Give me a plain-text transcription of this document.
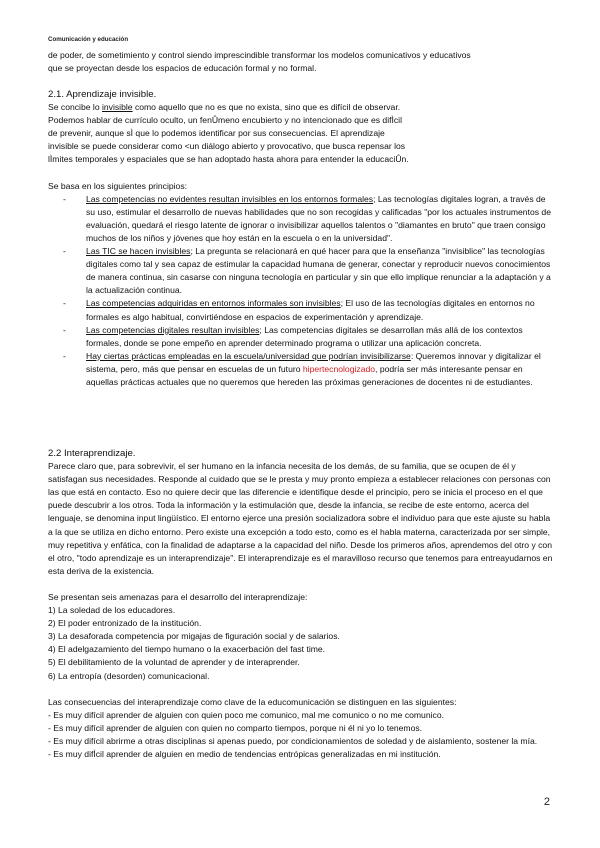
Comunicación y educación

de poder, de sometimiento y control siendo imprescindible transformar los modelos comunicativos y educativos

que se proyectan desde los espacios de educación formal y no formal.

2.1. Aprendizaje invisible.

Se concibe lo invisible como aquello que no es que no exista, sino que es difícil de observar.

Podemos hablar de currículo oculto, un fenÛmeno encubierto y no intencionado que es difÌcil

de prevenir, aunque sÌ que lo podemos identificar por sus consecuencias. El aprendizaje

invisible se puede considerar como <un diálogo abierto y provocativo, que busca repensar los

lÌmites temporales y espaciales que se han adoptado hasta ahora para entender la educaciÛn.

Se basa en los siguientes principios:

- Las competencias no evidentes resultan invisibles en los entornos formales; Las tecnologías digitales logran, a través de su uso, estimular el desarrollo de nuevas habilidades que no son recogidas y calificadas "por los actuales instrumentos de evaluación, quedará el riesgo latente de ignorar o invisibilizar aquellos talentos o "diamantes en bruto" que traen consigo muchos de los niños y jóvenes que hoy están en la escuela o en la universidad".
- Las TIC se hacen invisibles; La pregunta se relacionará en qué hacer para que la enseñanza "invisiblice" las tecnologías digitales como tal y sea capaz de estimular la capacidad humana de generar, conectar y reproducir nuevos conocimientos de manera continua, sin casarse con ninguna tecnología en particular y sin que ello implique renunciar a la adaptación y a la actualización continua.
- Las competencias adquiridas en entornos informales son invisibles; El uso de las tecnologías digitales en entornos no formales es algo habitual, convirtiéndose en espacios de experimentación y aprendizaje.
- Las competencias digitales resultan invisibles; Las competencias digitales se desarrollan más allá de los contextos formales, donde se pone empeño en aprender determinado programa o utilizar una aplicación concreta.
- Hay ciertas prácticas empleadas en la escuela/universidad que podrían invisibilizarse: Queremos innovar y digitalizar el sistema, pero, más que pensar en escuelas de un futuro hipertecnologizado, podría ser más interesante pensar en aquellas prácticas actuales que no queremos que hereden las próximas generaciones de docentes ni de estudiantes.

2.2 Interaprendizaje.

Parece claro que, para sobrevivir, el ser humano en la infancia necesita de los demás, de su familia, que se ocupen de él y satisfagan sus necesidades. Responde al cuidado que se le presta y muy pronto empieza a establecer relaciones con personas con las que está en contacto. Eso no quiere decir que las diferencie e identifique desde el principio, pero se inicia el proceso en el que puede descubrir a los otros. Toda la información y la estimulación que, desde la infancia, se recibe de este entorno, acerca del lenguaje, se denomina input lingüístico. El entorno ejerce una presión socializadora sobre el individuo para que este ajuste su habla a la que se utiliza en dicho entorno. Pero existe una excepción a todo esto, como es el habla materna, caracterizada por ser simple, muy repetitiva y enfática, con la finalidad de adaptarse a la capacidad del niño. Desde los primeros años, aprendemos del otro y con el otro, "todo aprendizaje es un interaprendizaje". El interaprendizaje es el maravilloso recurso que tenemos para entreayudarnos en esta deriva de la existencia.

Se presentan seis amenazas para el desarrollo del interaprendizaje:

1) La soledad de los educadores.

2) El poder entronizado de la institución.

3) La desaforada competencia por migajas de figuración social y de salarios.

4) El adelgazamiento del tiempo humano o la exacerbación del fast time.

5) El debilitamiento de la voluntad de aprender y de interaprender.

6) La entropía (desorden) comunicacional.

Las consecuencias del interaprendizaje como clave de la educomunicación se distinguen en las siguientes:

- Es muy difícil aprender de alguien con quien poco me comunico, mal me comunico o no me comunico.

- Es muy difícil aprender de alguien con quien no comparto tiempos, porque ni él ni yo lo tenemos.

- Es muy difícil abrirme a otras disciplinas si apenas puedo, por condicionamientos de soledad y de aislamiento, sostener la mía.

- Es muy difÌcil aprender de alguien en medio de tendencias entrópicas generalizadas en mi institución.

2
